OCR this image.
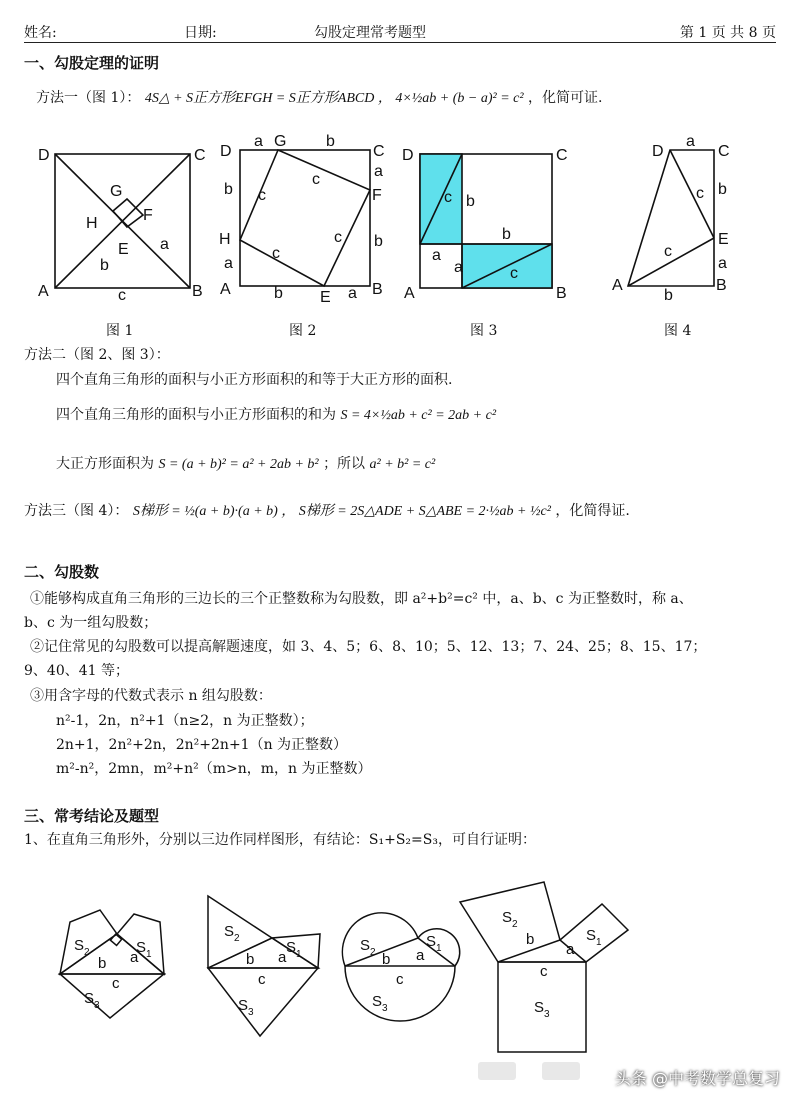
姓名:	日期:	勾股定理常考题型	第 1 页 共 8 页
一、勾股定理的证明
方法一（图 1）： 4S△ + S正方形EFGH = S正方形ABCD ， 4×½ab + (b − a)² = c² ，化简可证.
D	C
A	B
G
F
H
E a
b
c
D	C
A	B
G
F
H
E
a	b
b
a
a
b
b	a
c
c
c
c
D	C
A	B
c b
a
a
b
c
D	C
A	B
E
a
b
c
c
a
b
图 1	图 2	图 3	图 4
方法二（图 2、图 3）：
四个直角三角形的面积与小正方形面积的和等于大正方形的面积.
四个直角三角形的面积与小正方形面积的和为 S = 4×½ab + c² = 2ab + c²
大正方形面积为 S = (a + b)² = a² + 2ab + b² ；所以 a² + b² = c²
方法三（图 4）： S梯形 = ½(a + b)·(a + b) ， S梯形 = 2S△ADE + S△ABE = 2·½ab + ½c² ，化简得证.
二、勾股数
①能够构成直角三角形的三边长的三个正整数称为勾股数，即 a²+b²=c² 中，a、b、c 为正整数时，称 a、
b、c 为一组勾股数；
②记住常见的勾股数可以提高解题速度，如 3、4、5；6、8、10；5、12、13；7、24、25；8、15、17；
9、40、41 等；
③用含字母的代数式表示 n 组勾股数：
n²-1，2n，n²+1（n≥2，n 为正整数）；
2n+1，2n²+2n，2n²+2n+1（n 为正整数）
m²-n²，2mn，m²+n²（m>n，m，n 为正整数）
三、常考结论及题型
1、在直角三角形外，分别以三边作同样图形，有结论：S₁+S₂=S₃，可自行证明：
S 2	S 1
S 3
b a
c
S 2
S 1
S 3
b a
c
S 2
S 1
S 3
b a
c
S 2
S 1
S 3
b
a
c
头条 @中考数学总复习
